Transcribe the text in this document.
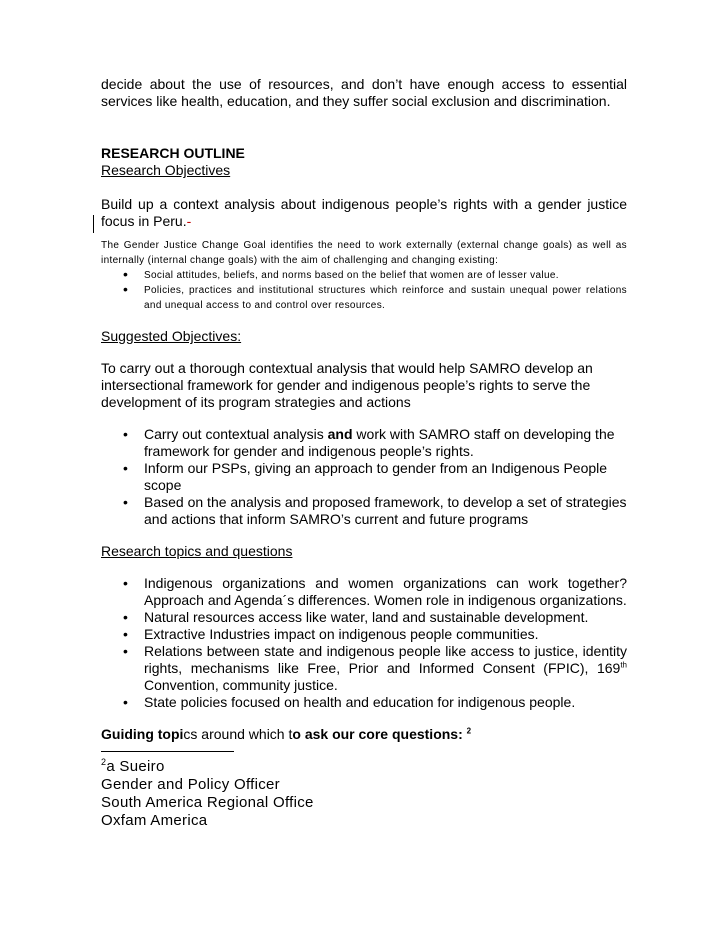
decide about the use of resources, and don’t have enough access to essential services like health, education, and they suffer social exclusion and discrimination.

RESEARCH OUTLINE

Research Objectives

Build up a context analysis about indigenous people’s rights with a gender justice focus in Peru.-

The Gender Justice Change Goal identifies the need to work externally (external change goals) as well as internally (internal change goals) with the aim of challenging and changing existing:

• Social attitudes, beliefs, and norms based on the belief that women are of lesser value.
• Policies, practices and institutional structures which reinforce and sustain unequal power relations and unequal access to and control over resources.

Suggested Objectives:

To carry out a thorough contextual analysis that would help SAMRO develop an intersectional framework for gender and indigenous people’s rights to serve the development of its program strategies and actions

• Carry out contextual analysis and work with SAMRO staff on developing the framework for gender and indigenous people’s rights.
• Inform our PSPs, giving an approach to gender from an Indigenous People scope
• Based on the analysis and proposed framework, to develop a set of strategies and actions that inform SAMRO’s current and future programs

Research topics and questions

• Indigenous organizations and women organizations can work together? Approach and Agenda´s differences. Women role in indigenous organizations.
• Natural resources access like water, land and sustainable development.
• Extractive Industries impact on indigenous people communities.
• Relations between state and indigenous people like access to justice, identity rights, mechanisms like Free, Prior and Informed Consent (FPIC), 169th Convention, community justice.
• State policies focused on health and education for indigenous people.

Guiding topics around which to ask our core questions: $^2$

$^2$a Sueiro
Gender and Policy Officer
South America Regional Office
Oxfam America
